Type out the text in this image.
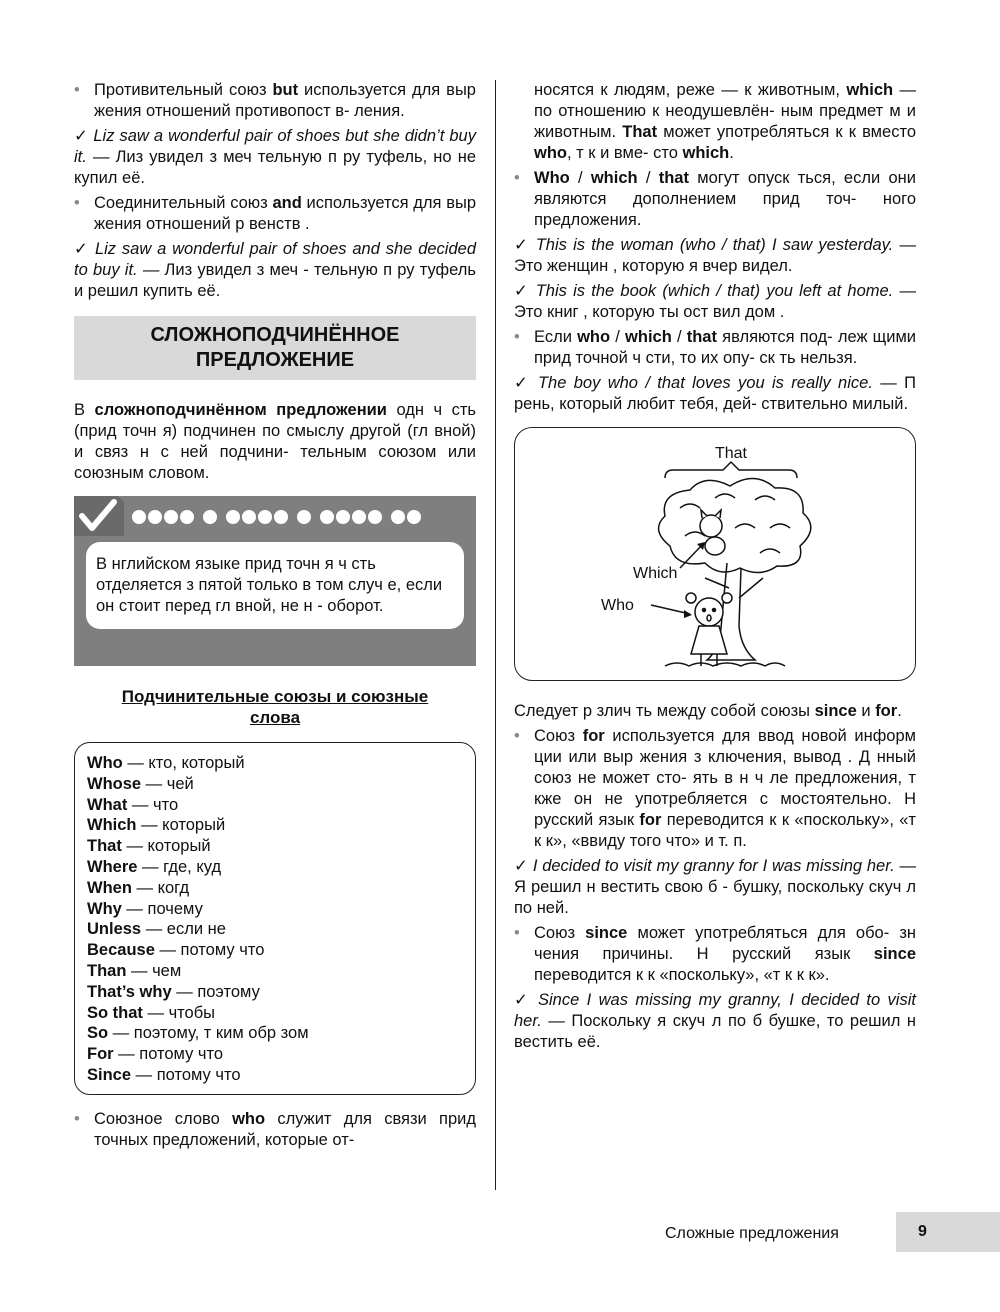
• Противительный союз but используется для выр жения отношений противопост в- ления.

✓ Liz saw a wonderful pair of shoes but she didn’t buy it. — Лиз увидел з меч тельную п ру туфель, но не купил её.

• Соединительный союз and используется для выр жения отношений р венств .

✓ Liz saw a wonderful pair of shoes and she decided to buy it. — Лиз увидел з меч - тельную п ру туфель и решил купить её.

СЛОЖНОПОДЧИНЁННОЕ
ПРЕДЛОЖЕНИЕ

В сложноподчинённом предложении одн ч сть (прид точн я) подчинен по смыслу другой (гл вной) и связ н с ней подчини- тельным союзом или союзным словом.

В нглийском языке прид точн я ч сть отделяется з пятой только в том случ е, если он стоит перед гл вной, не н - оборот.
Подчинительные союзы и союзные
слова
Who — кто, который
Whose — чей
What — что
Which — который
That — который
Where — где, куд
When — когд
Why — почему
Unless — если не
Because — потому что
Than — чем
That’s why — поэтому
So that — чтобы
So — поэтому, т ким обр зом
For — потому что
Since — потому что

• Союзное слово who служит для связи прид точных предложений, которые от-

носятся к людям, реже — к животным, which — по отношению к неодушевлён- ным предмет м и животным. That может употребляться к к вместо who, т к и вме- сто which.

• Who / which / that могут опуск ться, если они являются дополнением прид точ- ного предложения.

✓ This is the woman (who / that) I saw yesterday. — Это женщин , которую я вчер видел.

✓ This is the book (which / that) you left at home. — Это книг , которую ты ост вил дом .

• Если who / which / that являются под- леж щими прид точной ч сти, то их опу- ск ть нельзя.

✓ The boy who / that loves you is really nice. — П рень, который любит тебя, дей- ствительно милый.

That
Which
Who

Следует р злич ть между собой союзы since и for.

• Союз for используется для ввод новой информ ции или выр жения з ключения, вывод . Д нный союз не может сто- ять в н ч ле предложения, т кже он не употребляется с мостоятельно. Н русский язык for переводится к к «поскольку», «т к к», «ввиду того что» и т. п.

✓ I decided to visit my granny for I was missing her. — Я решил н вестить свою б - бушку, поскольку скуч л по ней.

• Союз since может употребляться для обо- зн чения причины. Н русский язык since переводится к к «поскольку», «т к к к».

✓ Since I was missing my granny, I decided to visit her. — Поскольку я скуч л по б бушке, то решил н вестить её.

Сложные предложения	9
